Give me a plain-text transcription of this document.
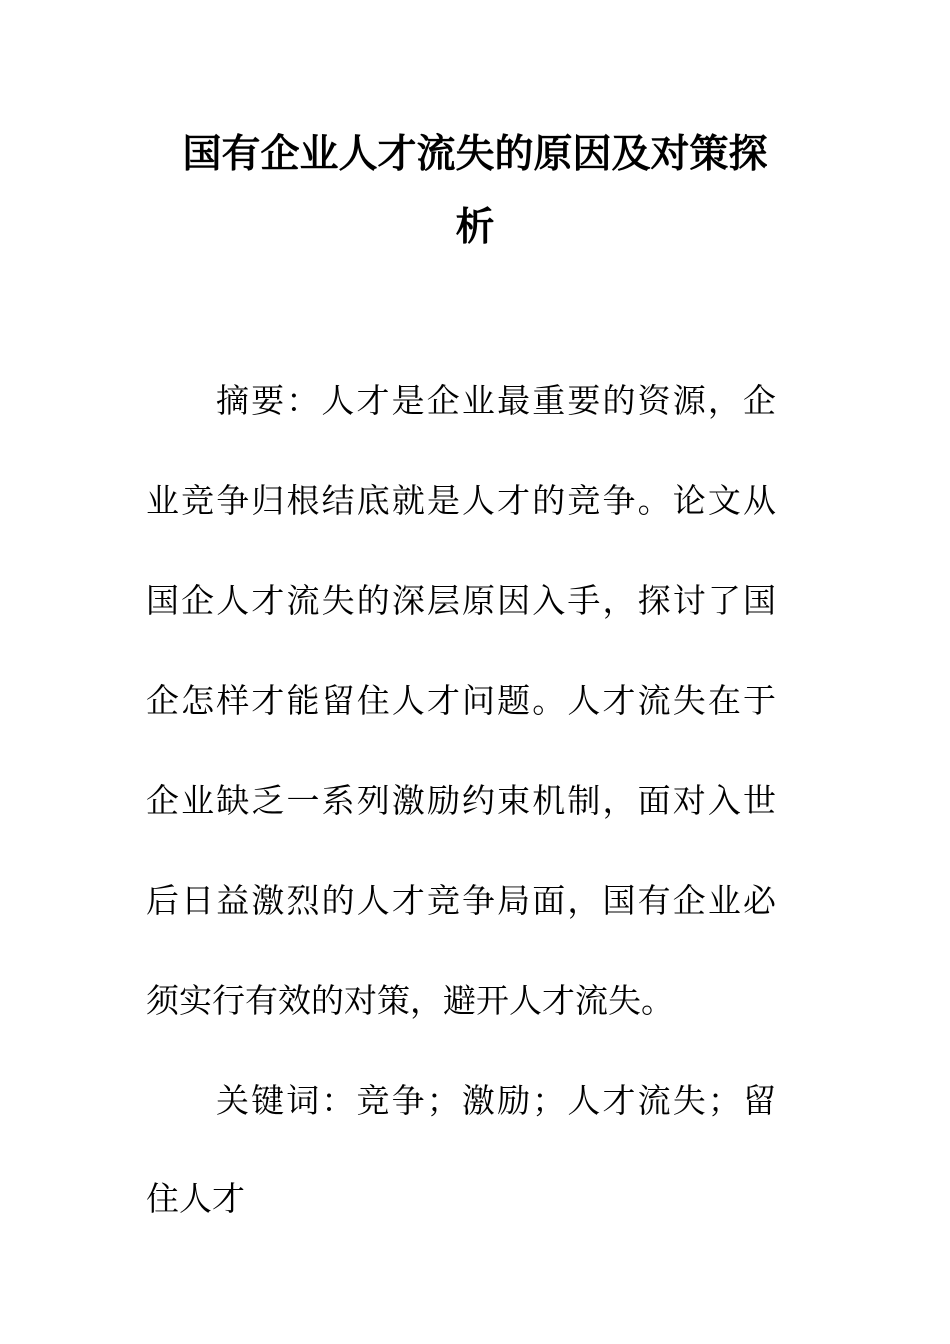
国有企业人才流失的原因及对策探
析
摘要：人才是企业最重要的资源，企
业竞争归根结底就是人才的竞争。论文从
国企人才流失的深层原因入手，探讨了国
企怎样才能留住人才问题。人才流失在于
企业缺乏一系列激励约束机制，面对入世
后日益激烈的人才竞争局面，国有企业必
须实行有效的对策，避开人才流失。
关键词：竞争；激励；人才流失；留
住人才
